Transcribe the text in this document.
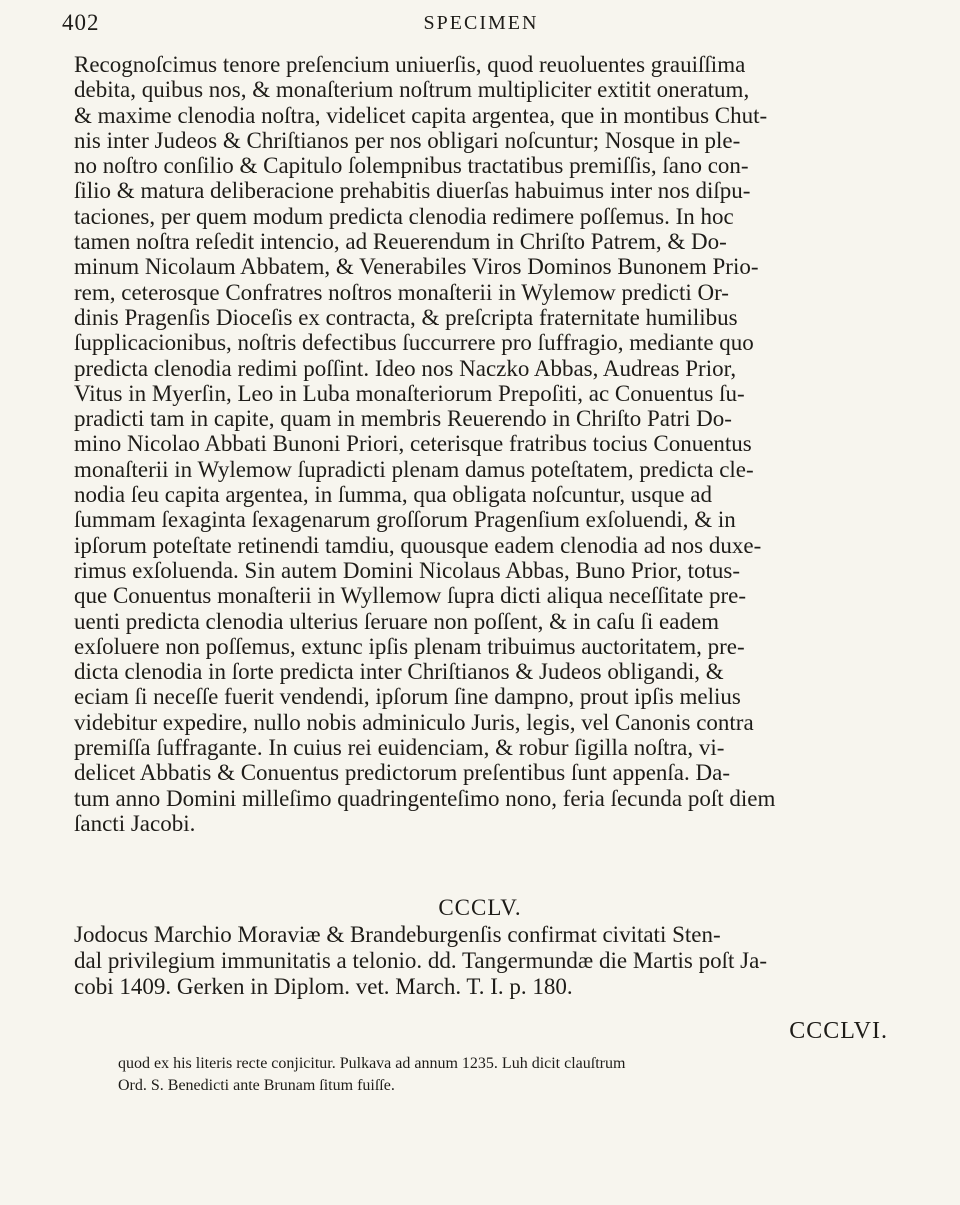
402	SPECIMEN
Recognoſcimus tenore preſencium uniuerſis, quod reuoluentes grauiſſima
debita, quibus nos, & monaſterium noſtrum multipliciter extitit oneratum,
& maxime clenodia noſtra, videlicet capita argentea, que in montibus Chut-
nis inter Judeos & Chriſtianos per nos obligari noſcuntur; Nosque in ple-
no noſtro conſilio & Capitulo ſolempnibus tractatibus premiſſis, ſano con-
ſilio & matura deliberacione prehabitis diuerſas habuimus inter nos diſpu-
taciones, per quem modum predicta clenodia redimere poſſemus. In hoc
tamen noſtra reſedit intencio, ad Reuerendum in Chriſto Patrem, & Do-
minum Nicolaum Abbatem, & Venerabiles Viros Dominos Bunonem Prio-
rem, ceterosque Confratres noſtros monaſterii in Wylemow predicti Or-
dinis Pragenſis Dioceſis ex contracta, & preſcripta fraternitate humilibus
ſupplicacionibus, noſtris defectibus ſuccurrere pro ſuffragio, mediante quo
predicta clenodia redimi poſſint. Ideo nos Naczko Abbas, Audreas Prior,
Vitus in Myerſin, Leo in Luba monaſteriorum Prepoſiti, ac Conuentus ſu-
pradicti tam in capite, quam in membris Reuerendo in Chriſto Patri Do-
mino Nicolao Abbati Bunoni Priori, ceterisque fratribus tocius Conuentus
monaſterii in Wylemow ſupradicti plenam damus poteſtatem, predicta cle-
nodia ſeu capita argentea, in ſumma, qua obligata noſcuntur, usque ad
ſummam ſexaginta ſexagenarum groſſorum Pragenſium exſoluendi, & in
ipſorum poteſtate retinendi tamdiu, quousque eadem clenodia ad nos duxe-
rimus exſoluenda. Sin autem Domini Nicolaus Abbas, Buno Prior, totus-
que Conuentus monaſterii in Wyllemow ſupra dicti aliqua neceſſitate pre-
uenti predicta clenodia ulterius ſeruare non poſſent, & in caſu ſi eadem
exſoluere non poſſemus, extunc ipſis plenam tribuimus auctoritatem, pre-
dicta clenodia in ſorte predicta inter Chriſtianos & Judeos obligandi, &
eciam ſi neceſſe fuerit vendendi, ipſorum ſine dampno, prout ipſis melius
videbitur expedire, nullo nobis adminiculo Juris, legis, vel Canonis contra
premiſſa ſuffragante. In cuius rei euidenciam, & robur ſigilla noſtra, vi-
delicet Abbatis & Conuentus predictorum preſentibus ſunt appenſa. Da-
tum anno Domini milleſimo quadringenteſimo nono, feria ſecunda poſt diem
ſancti Jacobi.
CCCLV.
Jodocus Marchio Moraviæ & Brandeburgenſis confirmat civitati Sten-
dal privilegium immunitatis a telonio. dd. Tangermundæ die Martis poſt Ja-
cobi 1409. Gerken in Diplom. vet. March. T. I. p. 180.
CCCLVI.
quod ex his literis recte conjicitur. Pulkava ad annum 1235. Luh dicit clauſtrum
Ord. S. Benedicti ante Brunam ſitum fuiſſe.
